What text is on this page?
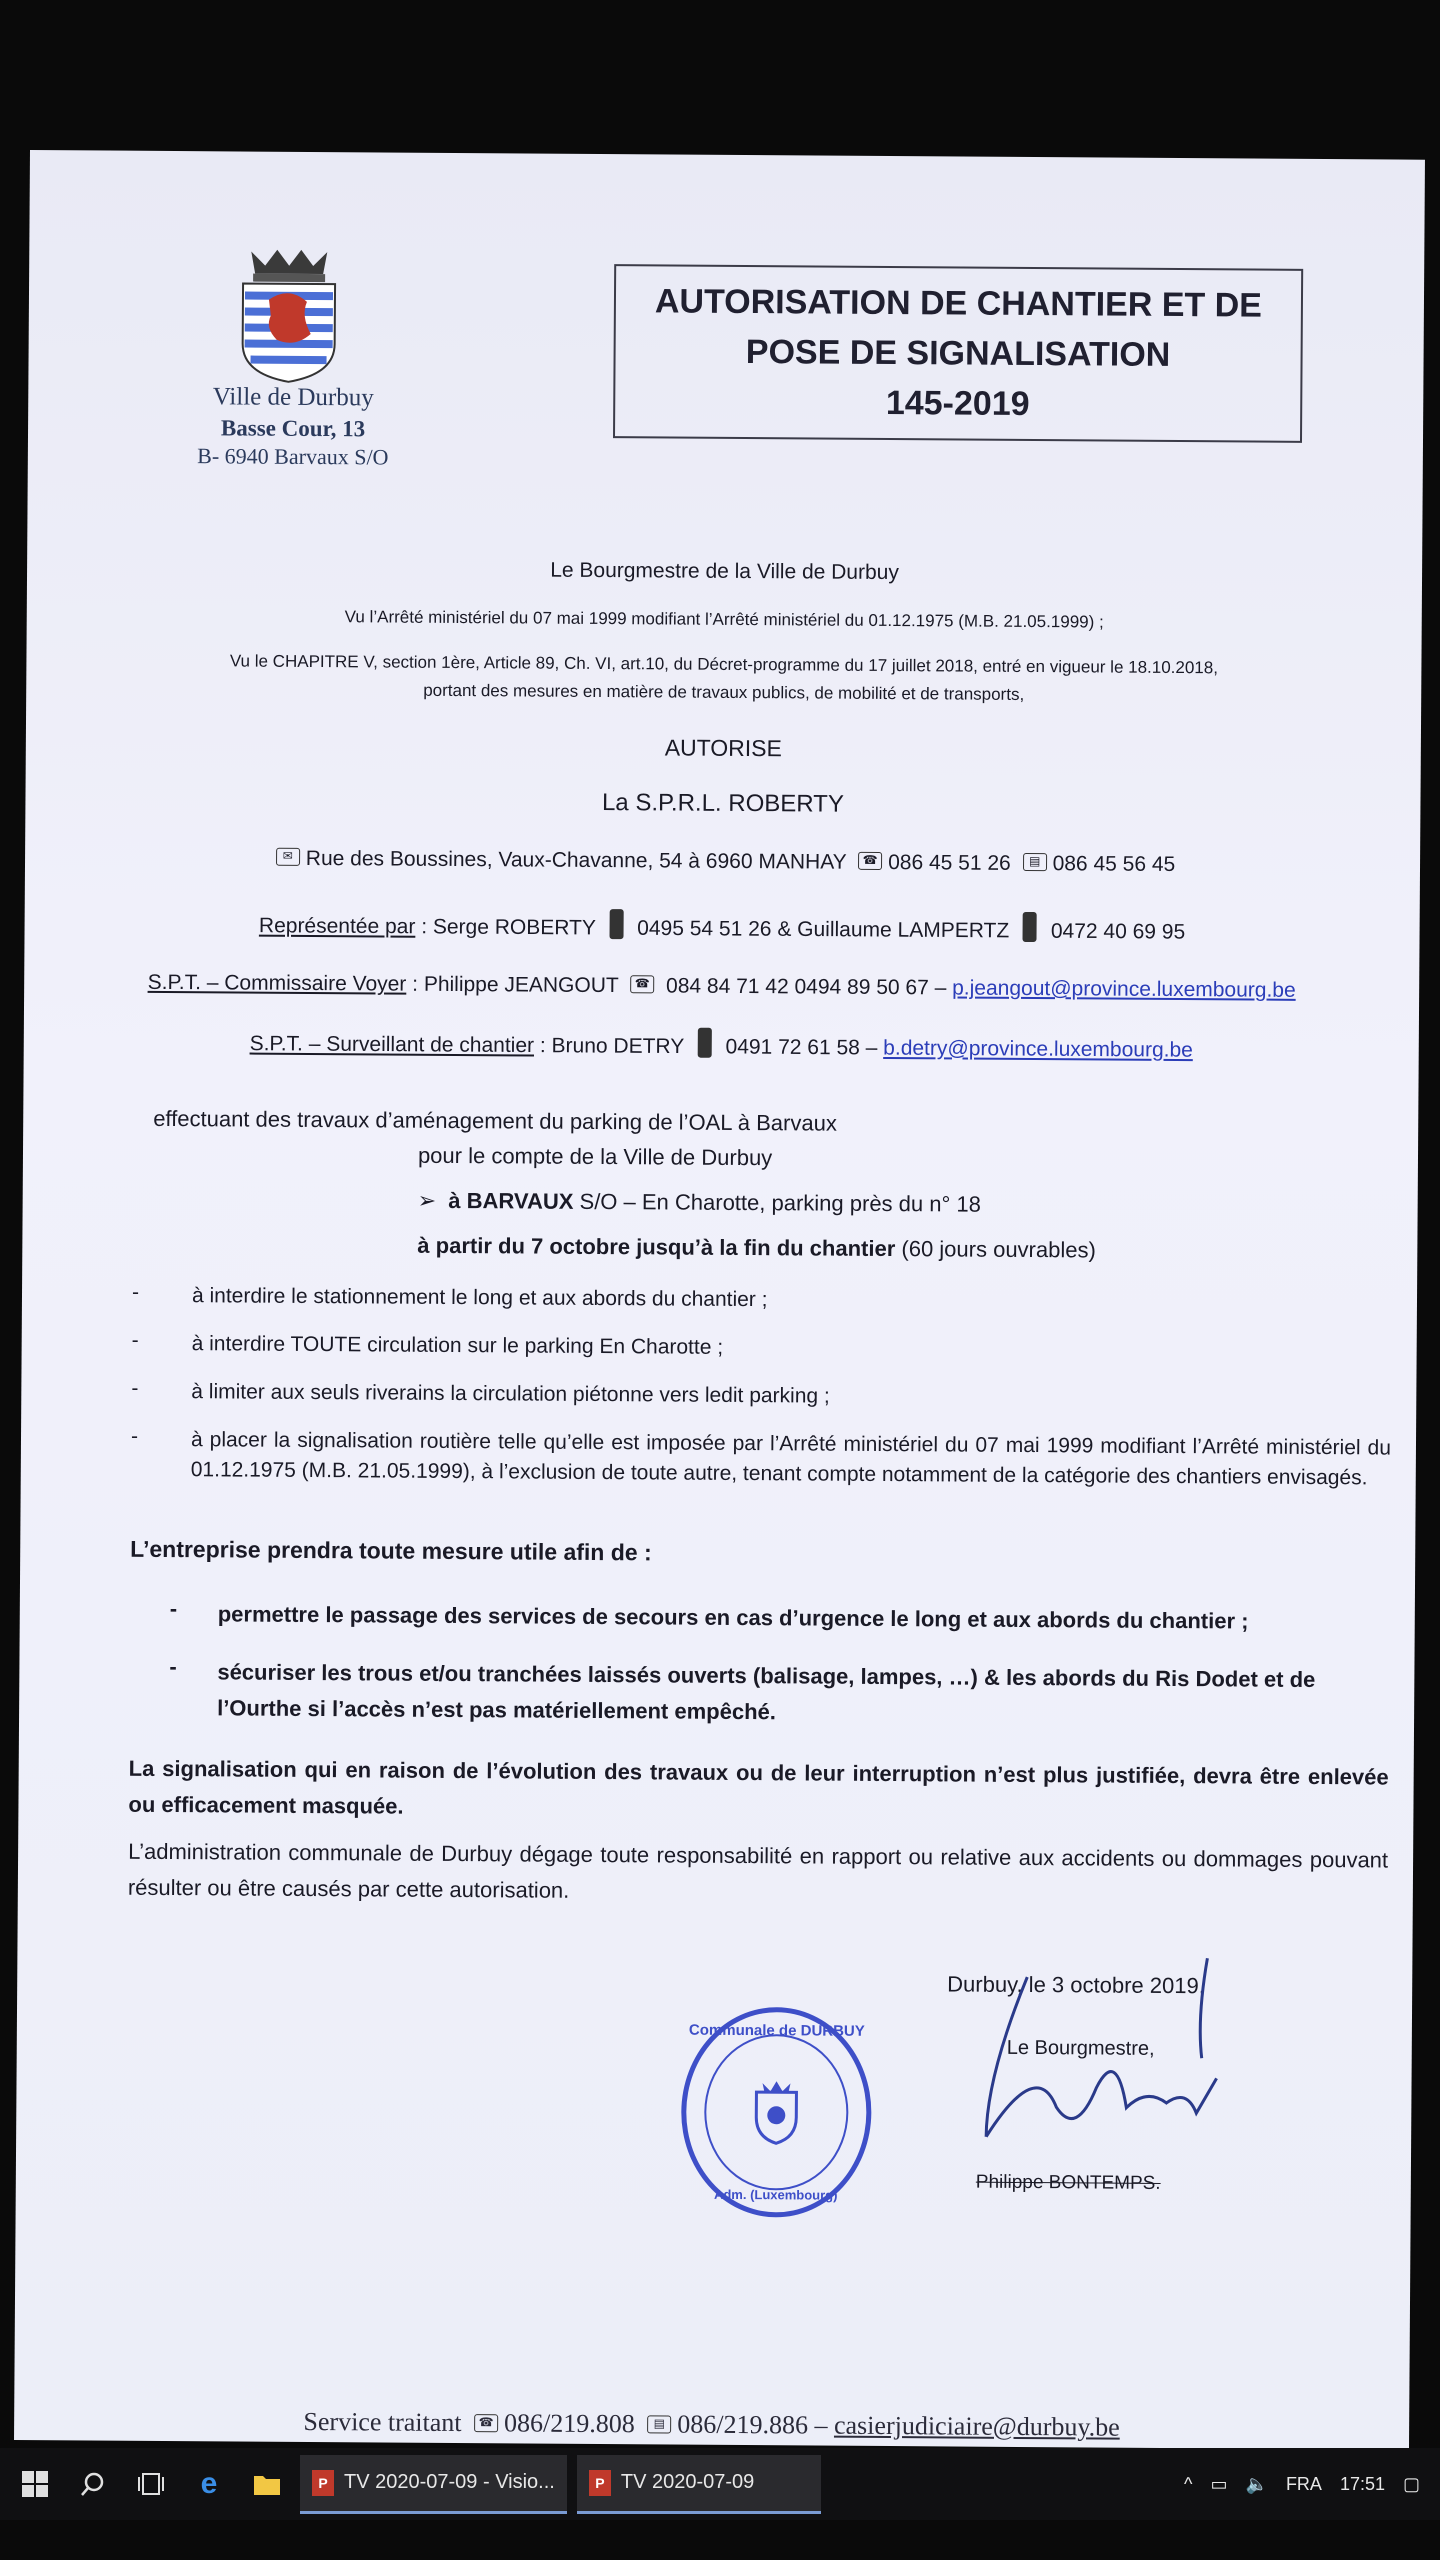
Ville de Durbuy
Basse Cour, 13
B- 6940 Barvaux S/O
AUTORISATION DE CHANTIER ET DE
POSE DE SIGNALISATION
145-2019
Le Bourgmestre de la Ville de Durbuy
Vu l’Arrêté ministériel du 07 mai 1999 modifiant l’Arrêté ministériel du 01.12.1975 (M.B. 21.05.1999) ;
Vu le CHAPITRE V, section 1ère, Article 89, Ch. VI, art.10, du Décret-programme du 17 juillet 2018, entré en vigueur le 18.10.2018,
portant des mesures en matière de travaux publics, de mobilité et de transports,
AUTORISE
La S.P.R.L. ROBERTY
✉ Rue des Boussines, Vaux-Chavanne, 54 à 6960 MANHAY ☎ 086 45 51 26 ▤ 086 45 56 45
Représentée par : Serge ROBERTY 0495 54 51 26 & Guillaume LAMPERTZ 0472 40 69 95
S.P.T. – Commissaire Voyer : Philippe JEANGOUT ☎ 084 84 71 42 0494 89 50 67 – p.jeangout@province.luxembourg.be
S.P.T. – Surveillant de chantier : Bruno DETRY 0491 72 61 58 – b.detry@province.luxembourg.be
effectuant des travaux d’aménagement du parking de l’OAL à Barvaux
pour le compte de la Ville de Durbuy
➢  à BARVAUX S/O – En Charotte, parking près du n° 18
à partir du 7 octobre jusqu’à la fin du chantier (60 jours ouvrables)
-	à interdire le stationnement le long et aux abords du chantier ;
-	à interdire TOUTE circulation sur le parking En Charotte ;
-	à limiter aux seuls riverains la circulation piétonne vers ledit parking ;
-	à placer la signalisation routière telle qu’elle est imposée par l’Arrêté ministériel du 07 mai 1999 modifiant l’Arrêté ministériel du 01.12.1975 (M.B. 21.05.1999), à l’exclusion de toute autre, tenant compte notamment de la catégorie des chantiers envisagés.
L’entreprise prendra toute mesure utile afin de :
- permettre le passage des services de secours en cas d’urgence le long et aux abords du chantier ;
- sécuriser les trous et/ou tranchées laissés ouverts (balisage, lampes, …) & les abords du Ris Dodet et de l’Ourthe si l’accès n’est pas matériellement empêché.
La signalisation qui en raison de l’évolution des travaux ou de leur interruption n’est plus justifiée, devra être enlevée ou efficacement masquée.
L’administration communale de Durbuy dégage toute responsabilité en rapport ou relative aux accidents ou dommages pouvant résulter ou être causés par cette autorisation.
Communale de DURBUY
Adm. (Luxembourg)
Durbuy, le 3 octobre 2019.
Le Bourgmestre,
Philippe BONTEMPS.
Service traitant ☎ 086/219.808 ▤ 086/219.886 – casierjudiciaire@durbuy.be
e	P TV 2020-07-09 - Visio...	P TV 2020-07-09	^ ▭ 🔈 FRA 17:51 ▢
